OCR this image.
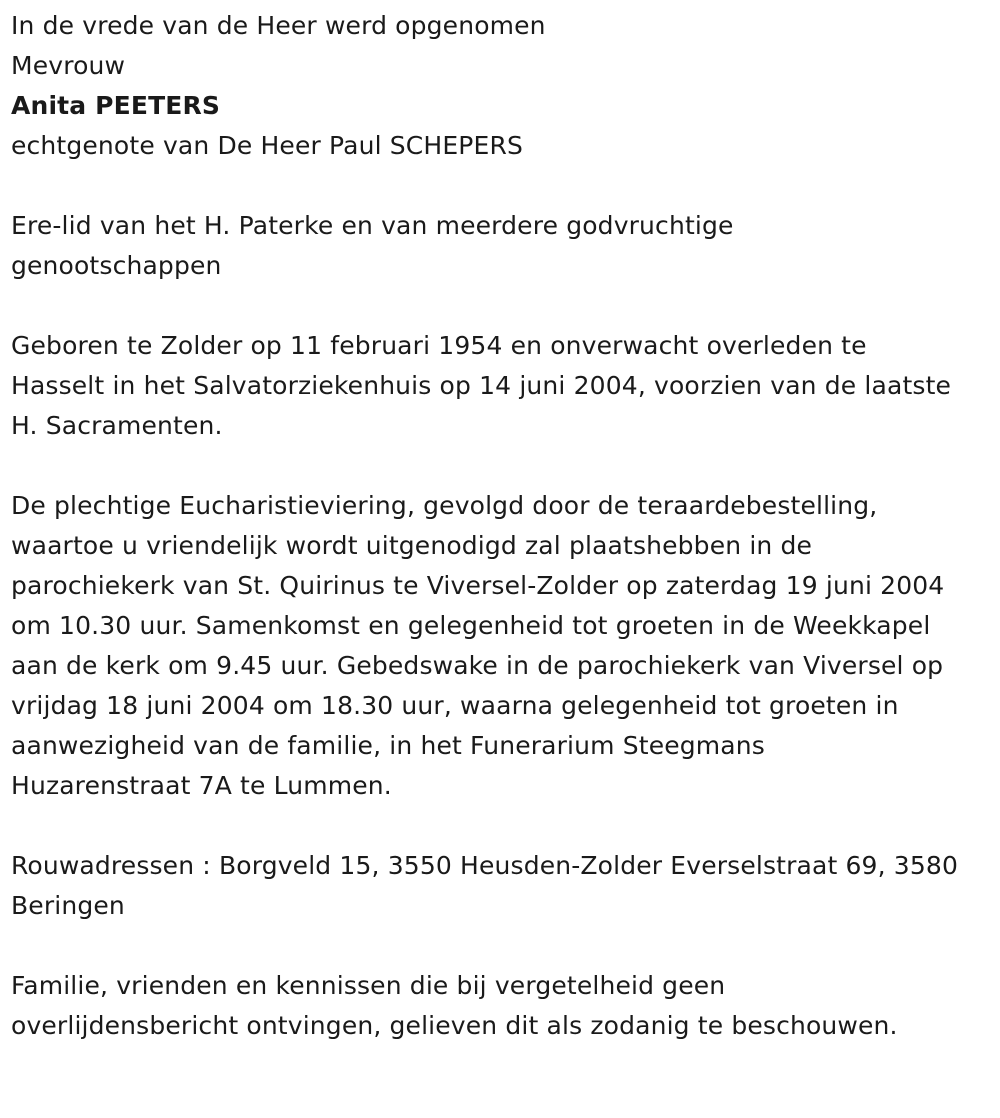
In de vrede van de Heer werd opgenomen

Mevrouw

Anita PEETERS

echtgenote van De Heer Paul SCHEPERS

Ere-lid van het H. Paterke en van meerdere godvruchtige
genootschappen

Geboren te Zolder op 11 februari 1954 en onverwacht overleden te
Hasselt in het Salvatorziekenhuis op 14 juni 2004, voorzien van de laatste
H. Sacramenten.

De plechtige Eucharistieviering, gevolgd door de teraardebestelling,
waartoe u vriendelijk wordt uitgenodigd zal plaatshebben in de
parochiekerk van St. Quirinus te Viversel-Zolder op zaterdag 19 juni 2004
om 10.30 uur. Samenkomst en gelegenheid tot groeten in de Weekkapel
aan de kerk om 9.45 uur. Gebedswake in de parochiekerk van Viversel op
vrijdag 18 juni 2004 om 18.30 uur, waarna gelegenheid tot groeten in
aanwezigheid van de familie, in het Funerarium Steegmans
Huzarenstraat 7A te Lummen.

Rouwadressen : Borgveld 15, 3550 Heusden-Zolder Everselstraat 69, 3580
Beringen

Familie, vrienden en kennissen die bij vergetelheid geen
overlijdensbericht ontvingen, gelieven dit als zodanig te beschouwen.
